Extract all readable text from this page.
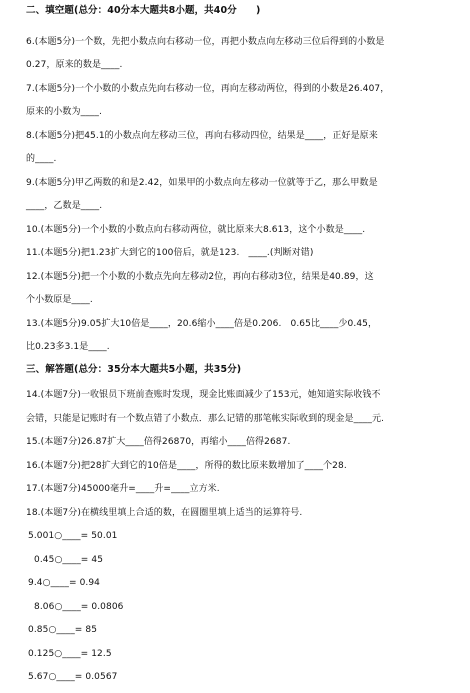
二、填空题(总分：40分本大题共8小题，共40分　　)
6.(本题5分)一个数，先把小数点向右移动一位，再把小数点向左移动三位后得到的小数是
0.27，原来的数是____.
7.(本题5分)一个小数的小数点先向右移动一位，再向左移动两位，得到的小数是26.407，
原来的小数为____.
8.(本题5分)把45.1的小数点向左移动三位，再向右移动四位，结果是____，正好是原来
的____.
9.(本题5分)甲乙两数的和是2.42，如果甲的小数点向左移动一位就等于乙，那么甲数是
____，乙数是____.
10.(本题5分)一个小数的小数点向右移动两位，就比原来大8.613，这个小数是____.
11.(本题5分)把1.23扩大到它的100倍后，就是123.　____.(判断对错)
12.(本题5分)把一个小数的小数点先向左移动2位，再向右移动3位，结果是40.89，这
个小数原是____.
13.(本题5分)9.05扩大10倍是____，20.6缩小____倍是0.206.　0.65比____少0.45，
比0.23多3.1是____.
三、解答题(总分：35分本大题共5小题，共35分)
14.(本题7分)一收银员下班前查账时发现，现金比账面减少了153元，她知道实际收钱不
会错，只能是记账时有一个数点错了小数点．那么记错的那笔帐实际收到的现金是____元.
15.(本题7分)26.87扩大____倍得26870，再缩小____倍得2687.
16.(本题7分)把28扩大到它的10倍是____，所得的数比原来数增加了____个28.
17.(本题7分)45000毫升=____升=____立方米.
18.(本题7分)在横线里填上合适的数，在圆圈里填上适当的运算符号.
5.001○____= 50.01
0.45○____= 45
9.4○____= 0.94
8.06○____= 0.0806
0.85○____= 85
0.125○____= 12.5
5.67○____= 0.0567
